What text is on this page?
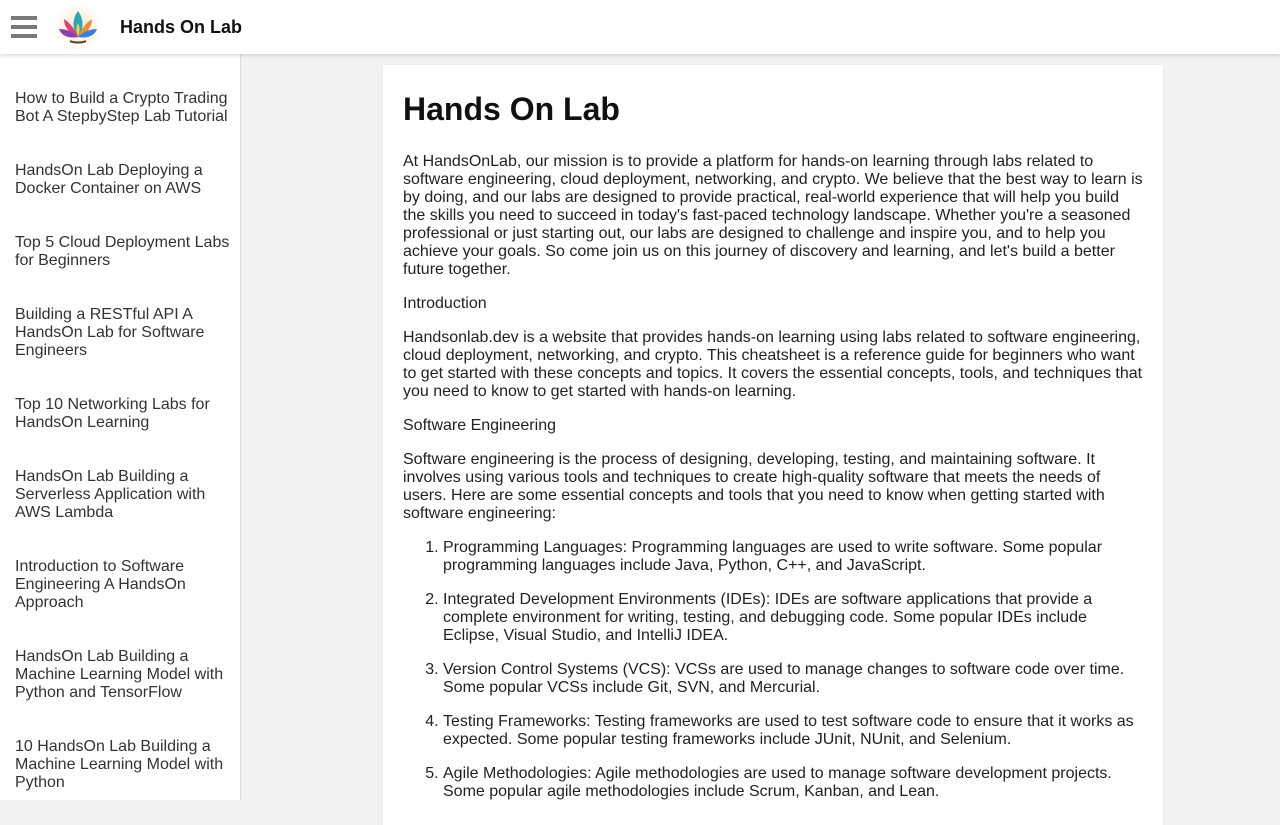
Hands On Lab
How to Build a Crypto Trading Bot A StepbyStep Lab Tutorial
HandsOn Lab Deploying a Docker Container on AWS
Top 5 Cloud Deployment Labs for Beginners
Building a RESTful API A HandsOn Lab for Software Engineers
Top 10 Networking Labs for HandsOn Learning
HandsOn Lab Building a Serverless Application with AWS Lambda
Introduction to Software Engineering A HandsOn Approach
HandsOn Lab Building a Machine Learning Model with Python and TensorFlow
10 HandsOn Lab Building a Machine Learning Model with Python
Hands On Lab

At HandsOnLab, our mission is to provide a platform for hands-on learning through labs related to software engineering, cloud deployment, networking, and crypto. We believe that the best way to learn is by doing, and our labs are designed to provide practical, real-world experience that will help you build the skills you need to succeed in today's fast-paced technology landscape. Whether you're a seasoned professional or just starting out, our labs are designed to challenge and inspire you, and to help you achieve your goals. So come join us on this journey of discovery and learning, and let's build a better future together.

Introduction

Handsonlab.dev is a website that provides hands-on learning using labs related to software engineering, cloud deployment, networking, and crypto. This cheatsheet is a reference guide for beginners who want to get started with these concepts and topics. It covers the essential concepts, tools, and techniques that you need to know to get started with hands-on learning.

Software Engineering

Software engineering is the process of designing, developing, testing, and maintaining software. It involves using various tools and techniques to create high-quality software that meets the needs of users. Here are some essential concepts and tools that you need to know when getting started with software engineering:

1. Programming Languages: Programming languages are used to write software. Some popular programming languages include Java, Python, C++, and JavaScript.
2. Integrated Development Environments (IDEs): IDEs are software applications that provide a complete environment for writing, testing, and debugging code. Some popular IDEs include Eclipse, Visual Studio, and IntelliJ IDEA.
3. Version Control Systems (VCS): VCSs are used to manage changes to software code over time. Some popular VCSs include Git, SVN, and Mercurial.
4. Testing Frameworks: Testing frameworks are used to test software code to ensure that it works as expected. Some popular testing frameworks include JUnit, NUnit, and Selenium.
5. Agile Methodologies: Agile methodologies are used to manage software development projects. Some popular agile methodologies include Scrum, Kanban, and Lean.
